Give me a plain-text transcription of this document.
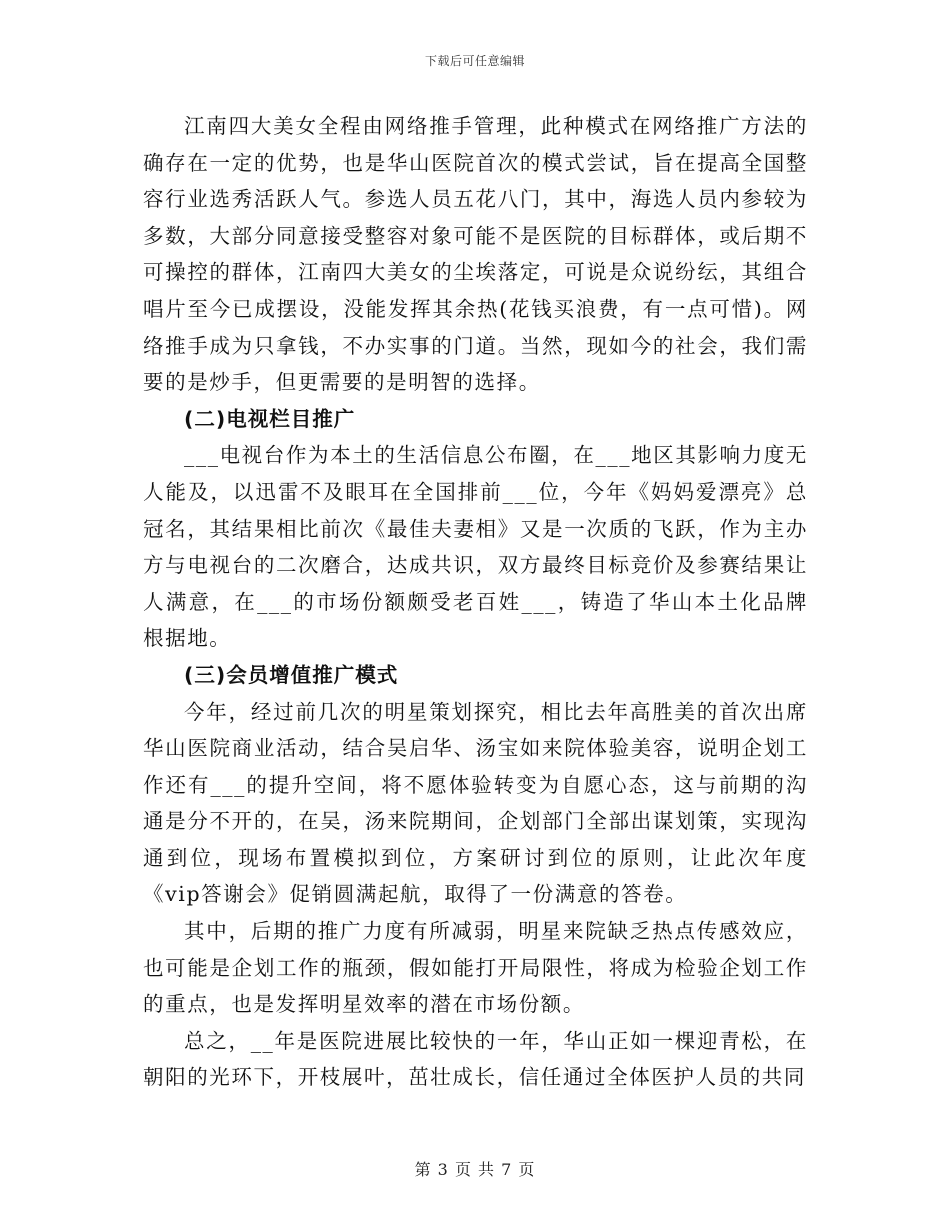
下载后可任意编辑

江南四大美女全程由网络推手管理，此种模式在网络推广方法的确存在一定的优势，也是华山医院首次的模式尝试，旨在提高全国整容行业选秀活跃人气。参选人员五花八门，其中，海选人员内参较为多数，大部分同意接受整容对象可能不是医院的目标群体，或后期不可操控的群体，江南四大美女的尘埃落定，可说是众说纷纭，其组合唱片至今已成摆设，没能发挥其余热(花钱买浪费，有一点可惜)。网络推手成为只拿钱，不办实事的门道。当然，现如今的社会，我们需要的是炒手，但更需要的是明智的选择。

(二)电视栏目推广

___电视台作为本土的生活信息公布圈，在___地区其影响力度无人能及，以迅雷不及眼耳在全国排前___位，今年《妈妈爱漂亮》总冠名，其结果相比前次《最佳夫妻相》又是一次质的飞跃，作为主办方与电视台的二次磨合，达成共识，双方最终目标竞价及参赛结果让人满意，在___的市场份额颇受老百姓___，铸造了华山本土化品牌根据地。

(三)会员增值推广模式

今年，经过前几次的明星策划探究，相比去年高胜美的首次出席华山医院商业活动，结合吴启华、汤宝如来院体验美容，说明企划工作还有___的提升空间，将不愿体验转变为自愿心态，这与前期的沟通是分不开的，在吴，汤来院期间，企划部门全部出谋划策，实现沟通到位，现场布置模拟到位，方案研讨到位的原则，让此次年度《vip答谢会》促销圆满起航，取得了一份满意的答卷。

其中，后期的推广力度有所减弱，明星来院缺乏热点传感效应，也可能是企划工作的瓶颈，假如能打开局限性，将成为检验企划工作的重点，也是发挥明星效率的潜在市场份额。

总之，__年是医院进展比较快的一年，华山正如一棵迎青松，在朝阳的光环下，开枝展叶，茁壮成长，信任通过全体医护人员的共同

第 3 页 共 7 页
